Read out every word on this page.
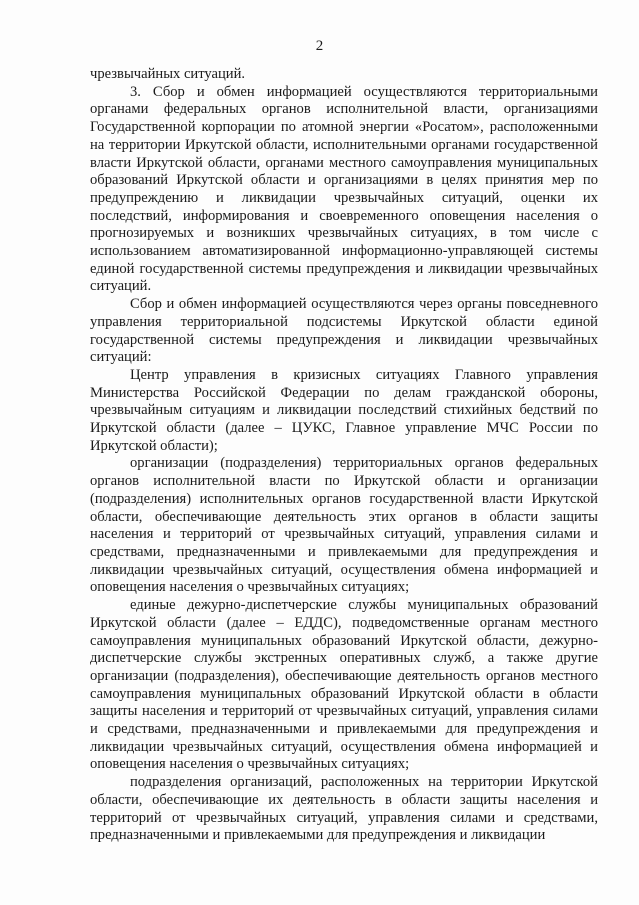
2

чрезвычайных ситуаций.

3. Сбор и обмен информацией осуществляются территориальными органами федеральных органов исполнительной власти, организациями Государственной корпорации по атомной энергии «Росатом», расположенными на территории Иркутской области, исполнительными органами государственной власти Иркутской области, органами местного самоуправления муниципальных образований Иркутской области и организациями в целях принятия мер по предупреждению и ликвидации чрезвычайных ситуаций, оценки их последствий, информирования и своевременного оповещения населения о прогнозируемых и возникших чрезвычайных ситуациях, в том числе с использованием автоматизированной информационно-управляющей системы единой государственной системы предупреждения и ликвидации чрезвычайных ситуаций.

Сбор и обмен информацией осуществляются через органы повседневного управления территориальной подсистемы Иркутской области единой государственной системы предупреждения и ликвидации чрезвычайных ситуаций:

Центр управления в кризисных ситуациях Главного управления Министерства Российской Федерации по делам гражданской обороны, чрезвычайным ситуациям и ликвидации последствий стихийных бедствий по Иркутской области (далее – ЦУКС, Главное управление МЧС России по Иркутской области);

организации (подразделения) территориальных органов федеральных органов исполнительной власти по Иркутской области и организации (подразделения) исполнительных органов государственной власти Иркутской области, обеспечивающие деятельность этих органов в области защиты населения и территорий от чрезвычайных ситуаций, управления силами и средствами, предназначенными и привлекаемыми для предупреждения и ликвидации чрезвычайных ситуаций, осуществления обмена информацией и оповещения населения о чрезвычайных ситуациях;

единые дежурно-диспетчерские службы муниципальных образований Иркутской области (далее – ЕДДС), подведомственные органам местного самоуправления муниципальных образований Иркутской области, дежурно-диспетчерские службы экстренных оперативных служб, а также другие организации (подразделения), обеспечивающие деятельность органов местного самоуправления муниципальных образований Иркутской области в области защиты населения и территорий от чрезвычайных ситуаций, управления силами и средствами, предназначенными и привлекаемыми для предупреждения и ликвидации чрезвычайных ситуаций, осуществления обмена информацией и оповещения населения о чрезвычайных ситуациях;

подразделения организаций, расположенных на территории Иркутской области, обеспечивающие их деятельность в области защиты населения и территорий от чрезвычайных ситуаций, управления силами и средствами, предназначенными и привлекаемыми для предупреждения и ликвидации
